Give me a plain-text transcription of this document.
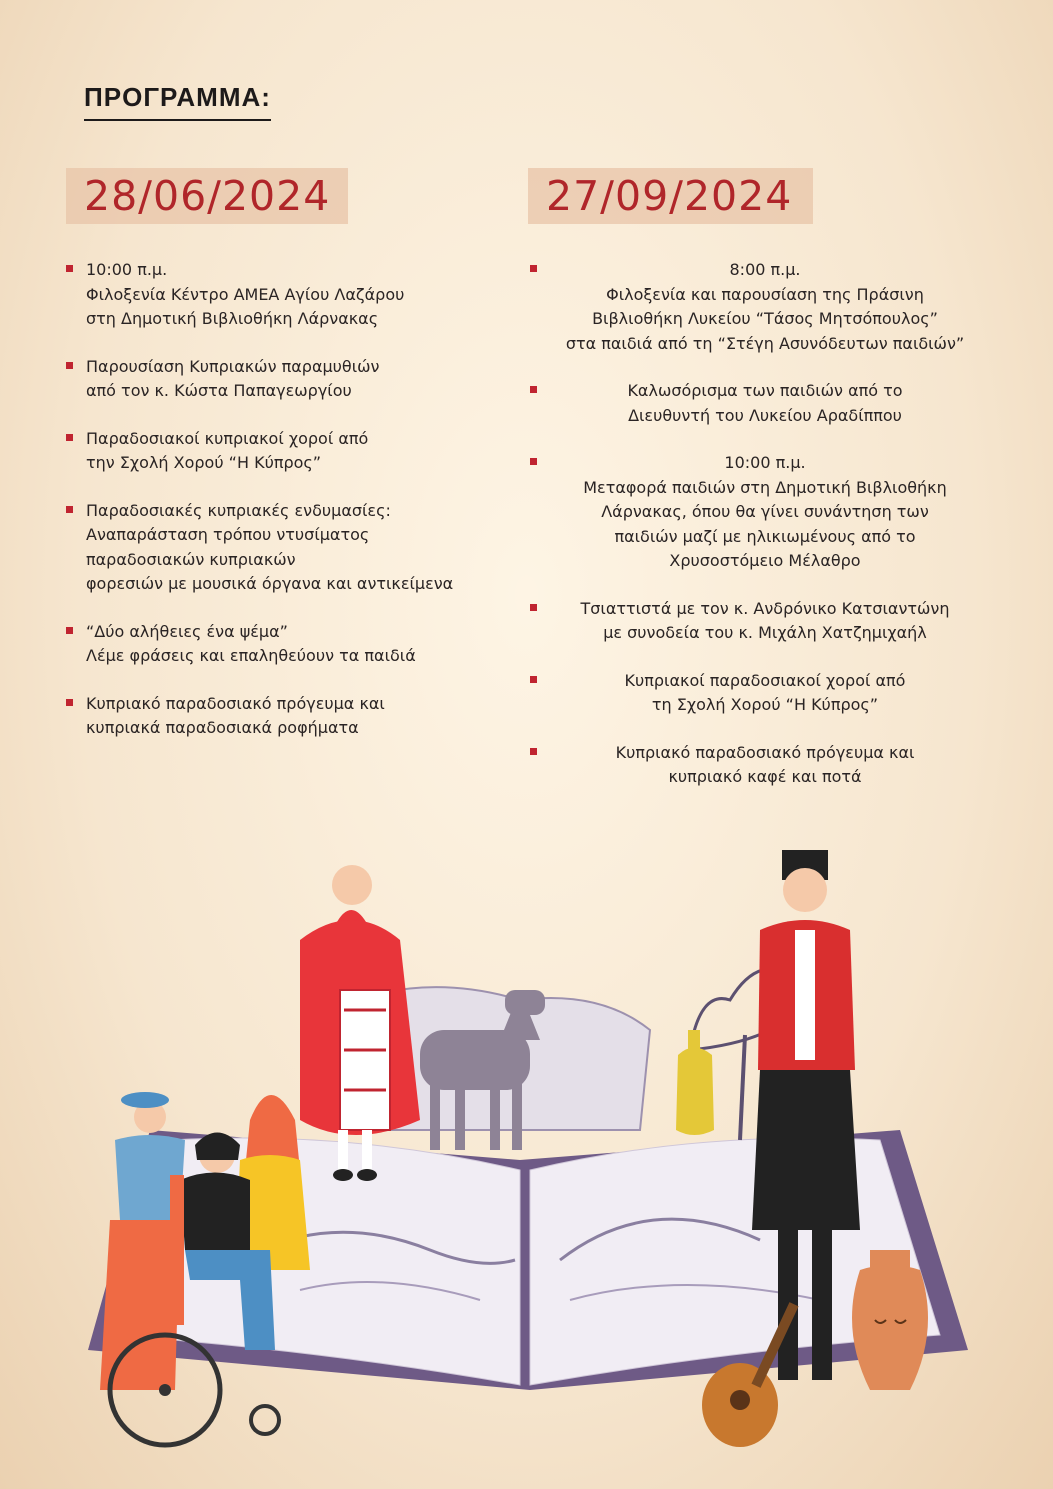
ΠΡΟΓΡΑΜΜΑ:
28/06/2024	27/09/2024
10:00 π.μ.
Φιλοξενία Κέντρο ΑΜΕΑ Αγίου Λαζάρου
στη Δημοτική Βιβλιοθήκη Λάρνακας
Παρουσίαση Κυπριακών παραμυθιών
από τον κ. Κώστα Παπαγεωργίου
Παραδοσιακοί κυπριακοί χοροί από
την Σχολή Χορού “Η Κύπρος”
Παραδοσιακές κυπριακές ενδυμασίες:
Αναπαράσταση τρόπου ντυσίματος
παραδοσιακών κυπριακών
φορεσιών με μουσικά όργανα και αντικείμενα
“Δύο αλήθειες ένα ψέμα”
Λέμε φράσεις και επαληθεύουν τα παιδιά
Κυπριακό παραδοσιακό πρόγευμα και
κυπριακά παραδοσιακά ροφήματα
8:00 π.μ.
Φιλοξενία και παρουσίαση της Πράσινη
Βιβλιοθήκη Λυκείου “Τάσος Μητσόπουλος”
στα παιδιά από τη “Στέγη Ασυνόδευτων παιδιών”
Καλωσόρισμα των παιδιών από το
Διευθυντή του Λυκείου Αραδίππου
10:00 π.μ.
Μεταφορά παιδιών στη Δημοτική Βιβλιοθήκη
Λάρνακας, όπου θα γίνει συνάντηση των
παιδιών μαζί με ηλικιωμένους από το
Χρυσοστόμειο Μέλαθρο
Τσιαττιστά με τον κ. Ανδρόνικο Κατσιαντώνη
με συνοδεία του κ. Μιχάλη Χατζημιχαήλ
Κυπριακοί παραδοσιακοί χοροί από
τη Σχολή Χορού “Η Κύπρος”
Κυπριακό παραδοσιακό πρόγευμα και
κυπριακό καφέ και ποτά
